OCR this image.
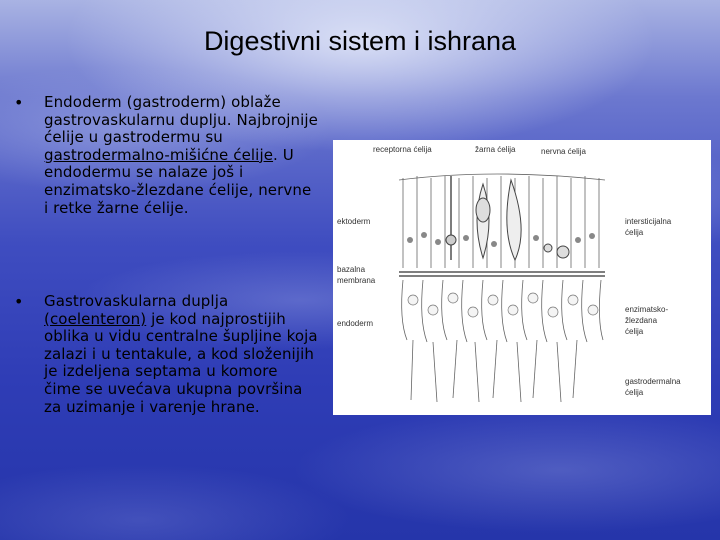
Digestivni sistem i ishrana
• Endoderm (gastroderm) oblaže gastrovaskularnu duplju. Najbrojnije ćelije u gastrodermu su gastrodermalno-mišićne ćelije. U endodermu se nalaze još i enzimatsko-žlezdane ćelije, nervne i retke žarne ćelije.
• Gastrovaskularna duplja (coelenteron) je kod najprostijih oblika u vidu centralne šupljine koja zalazi i u tentakule, a kod složenijih je izdeljena septama u komore čime se uvećava ukupna površina za uzimanje i varenje hrane.
receptorna ćelija	žarna ćelija	nervna ćelija
ektoderm	intersticijalna
ćelija
bazalna
membrana
endoderm
enzimatsko-
žlezdana
ćelija
gastrodermalna
ćelija
